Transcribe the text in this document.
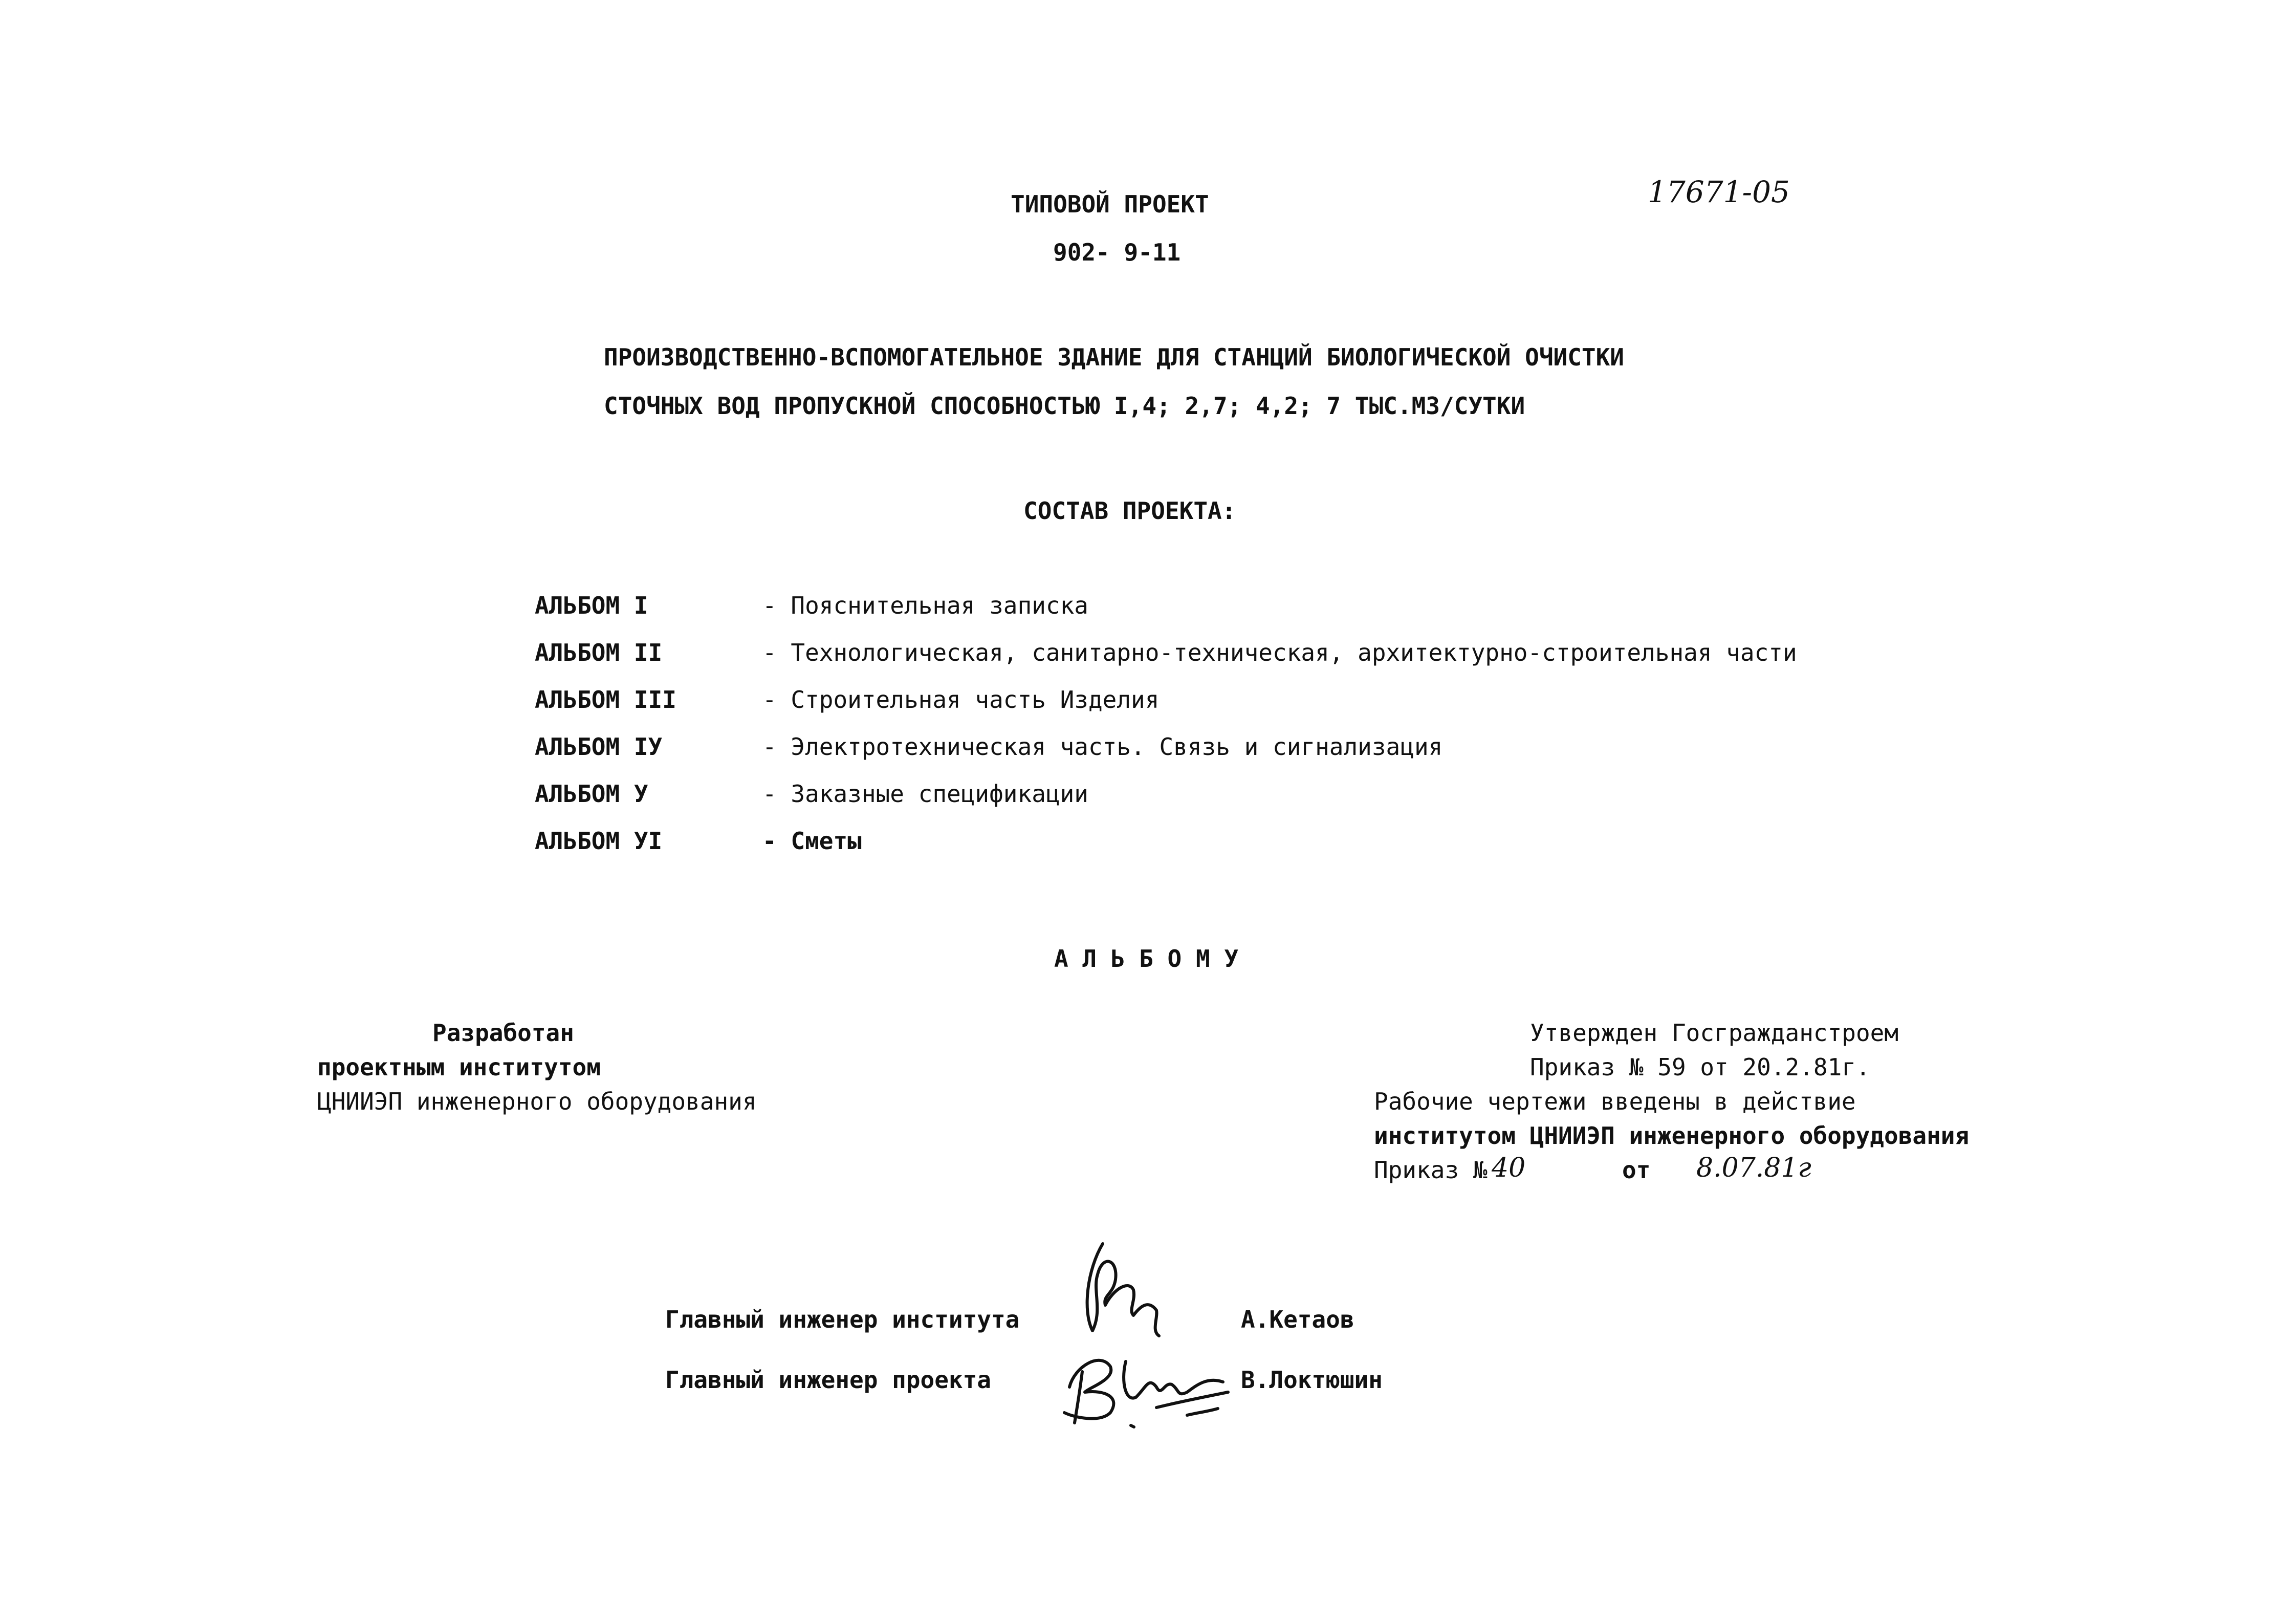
ТИПОВОЙ ПРОЕКТ
902- 9-11
17671-05
ПРОИЗВОДСТВЕННО-ВСПОМОГАТЕЛЬНОЕ ЗДАНИЕ ДЛЯ СТАНЦИЙ БИОЛОГИЧЕСКОЙ ОЧИСТКИ
СТОЧНЫХ ВОД ПРОПУСКНОЙ СПОСОБНОСТЬЮ I,4; 2,7; 4,2; 7 ТЫС.МЗ/СУТКИ
СОСТАВ ПРОЕКТА:
АЛЬБОМ I	- Пояснительная записка
АЛЬБОМ II	- Технологическая, санитарно-техническая, архитектурно-строительная части
АЛЬБОМ III	- Строительная часть Изделия
АЛЬБОМ IУ	- Электротехническая часть. Связь и сигнализация
АЛЬБОМ У	- Заказные спецификации
АЛЬБОМ УI	- Сметы
А Л Ь Б О М У
Разработан
проектным институтом
ЦНИИЭП инженерного оборудования
Утвержден Госгражданстроем
Приказ № 59 от 20.2.81г.
Рабочие чертежи введены в действие
институтом ЦНИИЭП инженерного оборудования
Приказ № 40	от 8.07.81г
Главный инженер института	А.Кетаов
Главный инженер проекта	В.Локтюшин
